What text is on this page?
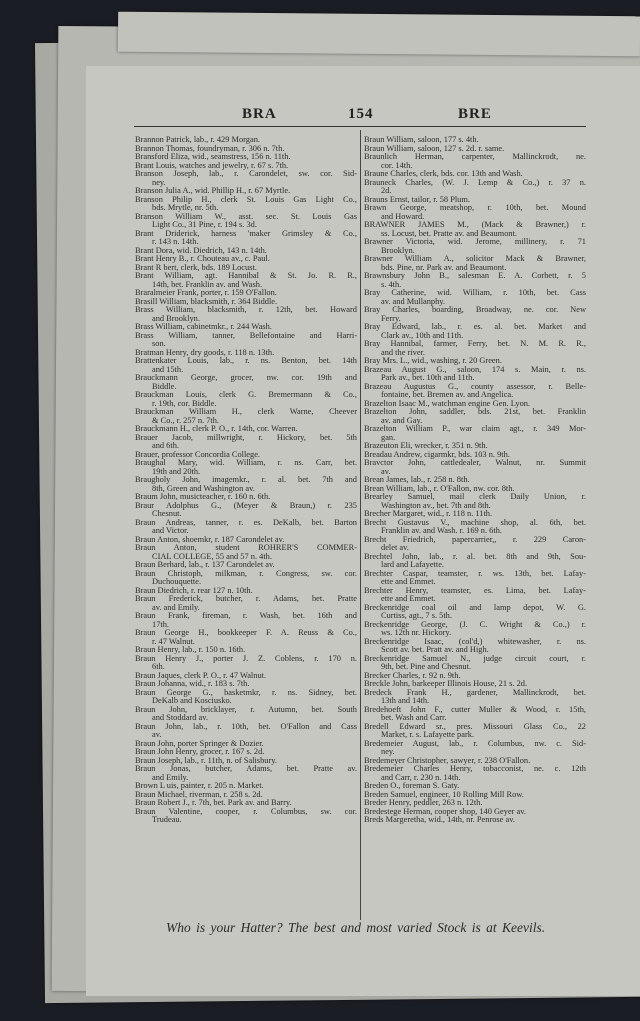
BRA	154	BRE
Brannon Patrick, lab., r. 429 Morgan.
Brannon Thomas, foundryman, r. 306 n. 7th.
Bransford Eliza, wid., seamstress, 156 n. 11th.
Brant Louis, watches and jewelry, r. 67 s. 7th.
Branson Joseph, lab., r. Carondelet, sw. cor. Sid-
ney.
Branson Julia A., wid. Phillip H., r. 67 Myrtle.
Branson Philip H., clerk St. Louis Gas Light Co.,
bds. Mrytle, nr. 5th.
Branson William W., asst. sec. St. Louis Gas
Light Co., 31 Pine, r. 194 s. 3d.
Brant Driderick, harness 'maker Grimsley & Co.,
r. 143 n. 14th.
Brant Dora, wid. Diedrich, 143 n. 14th.
Brant Henry B., r. Chouteau av., c. Paul.
Brant R bert, clerk, bds. 189 Locust.
Brant William, agt. Hannibal & St. Jo. R. R.,
14th, bet. Franklin av. and Wash.
Braralmeier Frank, porter, r. 159 O'Fallon.
Brasill William, blacksmith, r. 364 Biddle.
Brass William, blacksmith, r. 12th, bet. Howard
and Brooklyn.
Brass William, cabinetmkr., r. 244 Wash.
Brass William, tanner, Bellefontaine and Harri-
son.
Bratman Henry, dry goods, r. 118 n. 13th.
Brattenkater Louis, lab., r. ns. Benton, bet. 14th
and 15th.
Brauckmann George, grocer, nw. cor. 19th and
Biddle.
Brauckman Louis, clerk G. Bremermann & Co.,
r. 19th, cor. Biddle.
Brauckman William H., clerk Warne, Cheever
& Co., r. 257 n. 7th.
Brauckmann H., clerk P. O., r. 14th, cor. Warren.
Brauer Jacob, millwright, r. Hickory, bet. 5th
and 6th.
Brauer, professor Concordia College.
Braughal Mary, wid. William, r. ns. Carr, bet.
19th and 20th.
Braugholy John, imagemkr., r. al. bet. 7th and
8th, Green and Washington av.
Braum John, musicteacher, r. 160 n. 6th.
Braur Adolphus G., (Meyer & Braun,) r. 235
Chesnut.
Braun Andreas, tanner, r. es. DeKalb, bet. Barton
and Victor.
Braun Anton, shoemkr, r. 187 Carondelet av.
Braun Anton, student ROHRER'S COMMER-
CIAL COLLEGE, 55 and 57 n. 4th.
Braun Berhard, lab., r. 137 Carondelet av.
Braun Christoph, milkman, r. Congress, sw. cor.
Duchouquette.
Braun Diedrich, r. rear 127 n. 10th.
Braun Frederick, butcher, r. Adams, bet. Pratte
av. and Emily.
Braun Frank, fireman, r. Wash, bet. 16th and
17th.
Braun George H., bookkeeper F. A. Reuss & Co.,
r. 47 Walnut.
Braun Henry, lab., r. 150 n. 16th.
Braun Henry J., porter J. Z. Coblens, r. 170 n.
6th.
Braun Jaques, clerk P. O., r. 47 Walnut.
Braun Johanna, wid., r. 183 s. 7th.
Braun George G., basketmkr, r. ns. Sidney, bet.
DeKalb and Kosciusko.
Braun John, bricklayer, r. Autumn, bet. South
and Stoddard av.
Braun John, lab., r. 10th, bet. O'Fallon and Cass
av.
Braun John, porter Springer & Dozier.
Braun John Henry, grocer, r. 167 s. 2d.
Braun Joseph, lab., r. 11th, n. of Salisbury.
Braun Jonas, butcher, Adams, bet. Pratte av.
and Emily.
Brown L uis, painter, r. 205 n. Market.
Braun Michael, riverman, r. 258 s. 2d.
Braun Robert J., r. 7th, bet. Park av. and Barry.
Braun Valentine, cooper, r. Columbus, sw. cor.
Trudeau.
Braun William, saloon, 177 s. 4th.
Braun William, saloon, 127 s. 2d. r. same.
Braunlich Herman, carpenter, Mallinckrodt, ne.
cor. 14th.
Braune Charles, clerk, bds. cor. 13th and Wash.
Brauneck Charles, (W. J. Lemp & Co.,) r. 37 n.
2d.
Brauns Ernst, tailor, r. 58 Plum.
Brawn George, meatshop, r. 10th, bet. Mound
and Howard.
BRAWNER JAMES M., (Mack & Brawner,) r.
ss. Locust, bet. Pratte av. and Beaumont.
Brawner Victoria, wid. Jerome, millinery, r. 71
Brooklyn.
Brawner William A., solicitor Mack & Brawner,
bds. Pine, nr. Park av. and Beaumont.
Brawnsbury John B., salesman E. A. Corbett, r. 5
s. 4th.
Bray Catherine, wid. William, r. 10th, bet. Cass
av. and Mullanphy.
Bray Charles, boarding, Broadway, ne. cor. New
Ferry.
Bray Edward, lab., r. es. al. bet. Market and
Clark av., 10th and 11th.
Bray Hannibal, farmer, Ferry, bet. N. M. R. R.,
and the river.
Bray Mrs. L., wid., washing, r. 20 Green.
Brazeau August G., saloon, 174 s. Main, r. ns.
Park av., bet. 10th and 11th.
Brazeau Augustus G., county assessor, r. Belle-
fontaine, bet. Bremen av. and Angelica.
Brazelton Isaac M., watchman engine Gen. Lyon.
Brazelton John, saddler, bds. 21st, bet. Franklin
av. and Gay.
Brazelton William P., war claim agt., r. 349 Mor-
gan.
Brazeuton Eli, wrecker, r. 351 n. 9th.
Breadau Andrew, cigarmkr, bds. 103 n. 9th.
Bravctor John, cattledealer, Walnut, nr. Summit
av.
Brean James, lab., r. 258 n. 8th.
Brean William, lab., r. O'Fallon, nw. cor. 8th.
Brearley Samuel, mail clerk Daily Union, r.
Washington av., bet. 7th and 8th.
Brecher Margaret, wid., r. 118 n. 11th.
Brecht Gustavus V., machine shop, al. 6th, bet.
Franklin av. and Wash. r. 169 n. 6th.
Brecht Friedrich, papercarrier,, r. 229 Caron-
delet av.
Brechtel John, lab., r. al. bet. 8th and 9th, Sou-
lard and Lafayette.
Brechter Caspar, teamster, r. ws. 13th, bet. Lafay-
ette and Emmet.
Brechter Henry, teamster, es. Lima, bet. Lafay-
ette and Emmet.
Breckenridge coal oil and lamp depot, W. G.
Curtiss, agt., 7 s. 5th.
Breckenridge George, (J. C. Wright & Co.,) r.
ws. 12th nr. Hickory.
Breckenridge Isaac, (col'd,) whitewasher, r. ns.
Scott av. bet. Pratt av. and High.
Breckenridge Samuel N., judge circuit court, r.
9th, bet. Pine and Chesnut.
Brecker Charles, r. 92 n. 9th.
Breckle John, barkeeper Illinois House, 21 s. 2d.
Bredeck Frank H., gardener, Mallinckrodt, bet.
13th and 14th.
Bredehoeft John F., cutter Muller & Wood, r. 15th,
bet. Wash and Carr.
Bredell Edward sr., pres. Missouri Glass Co., 22
Market, r. s. Lafayette park.
Bredemeier August, lab., r. Columbus, nw. c. Sid-
ney.
Bredemeyer Christopher, sawyer, r. 238 O'Fallon.
Bredemeier Charles Henry, tobacconist, ne. c. 12th
and Carr, r. 230 n. 14th.
Breden O., foreman S. Gaty.
Breden Samuel, engineer, 10 Rolling Mill Row.
Breder Henry, peddler, 263 n. 12th.
Bredestege Herman, cooper shop, 140 Geyer av.
Breds Margeretha, wid., 14th, nr. Penrose av.
Who is your Hatter? The best and most varied Stock is at Keevils.
